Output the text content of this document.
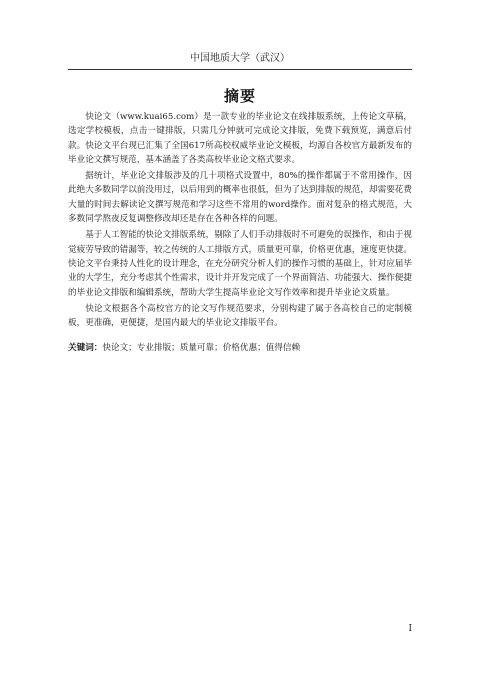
中国地质大学（武汉）
摘要

快论文（www.kuai65.com）是一款专业的毕业论文在线排版系统，上传论文草稿，选定学校模板，点击一键排版，只需几分钟就可完成论文排版，免费下载预览，满意后付款。快论文平台现已汇集了全国617所高校权威毕业论文模板，均源自各校官方最新发布的毕业论文撰写规范，基本涵盖了各类高校毕业论文格式要求。

据统计，毕业论文排版涉及的几十项格式设置中，80%的操作都属于不常用操作，因此绝大多数同学以前没用过，以后用到的概率也很低，但为了达到排版的规范，却需要花费大量的时间去解读论文撰写规范和学习这些不常用的word操作。面对复杂的格式规范，大多数同学熬夜反复调整修改却还是存在各种各样的问题。

基于人工智能的快论文排版系统，剔除了人们手动排版时不可避免的误操作，和由于视觉疲劳导致的错漏等，较之传统的人工排版方式，质量更可靠，价格更优惠，速度更快捷。快论文平台秉持人性化的设计理念，在充分研究分析人们的操作习惯的基础上，针对应届毕业的大学生，充分考虑其个性需求，设计并开发完成了一个界面简洁、功能强大、操作便捷的毕业论文排版和编辑系统，帮助大学生提高毕业论文写作效率和提升毕业论文质量。

快论文根据各个高校官方的论文写作规范要求，分别构建了属于各高校自己的定制模板，更准确，更便捷，是国内最大的毕业论文排版平台。

关键词：快论文；专业排版；质量可靠；价格优惠；值得信赖
I
